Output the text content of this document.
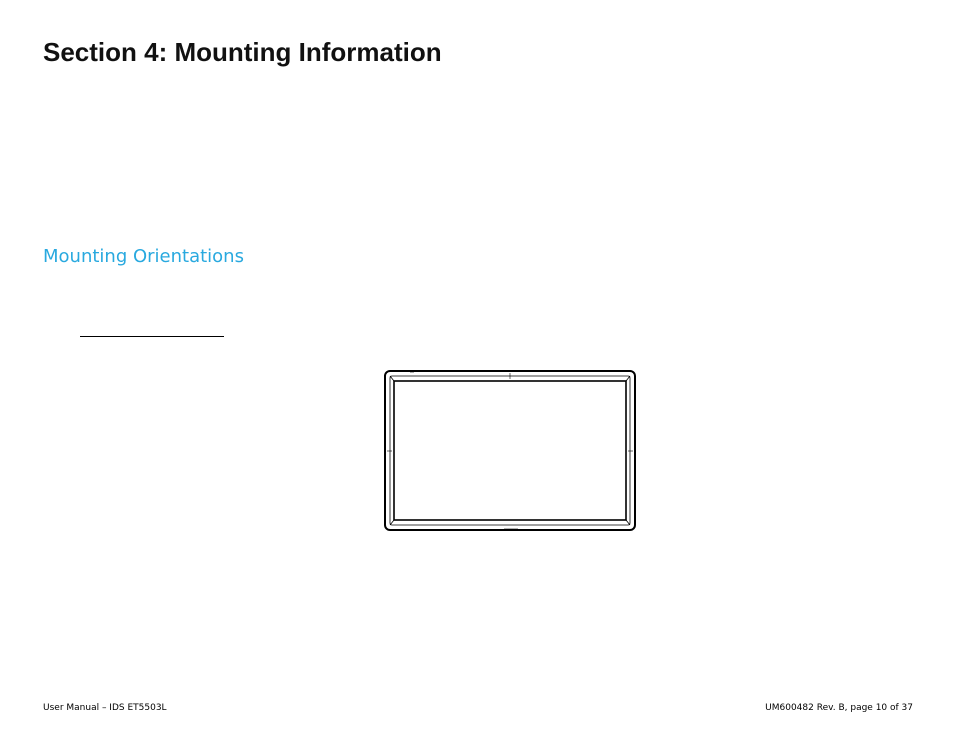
Section 4: Mounting Information
Mounting Orientations
User Manual – IDS ET5503L	UM600482 Rev. B, page 10 of 37
